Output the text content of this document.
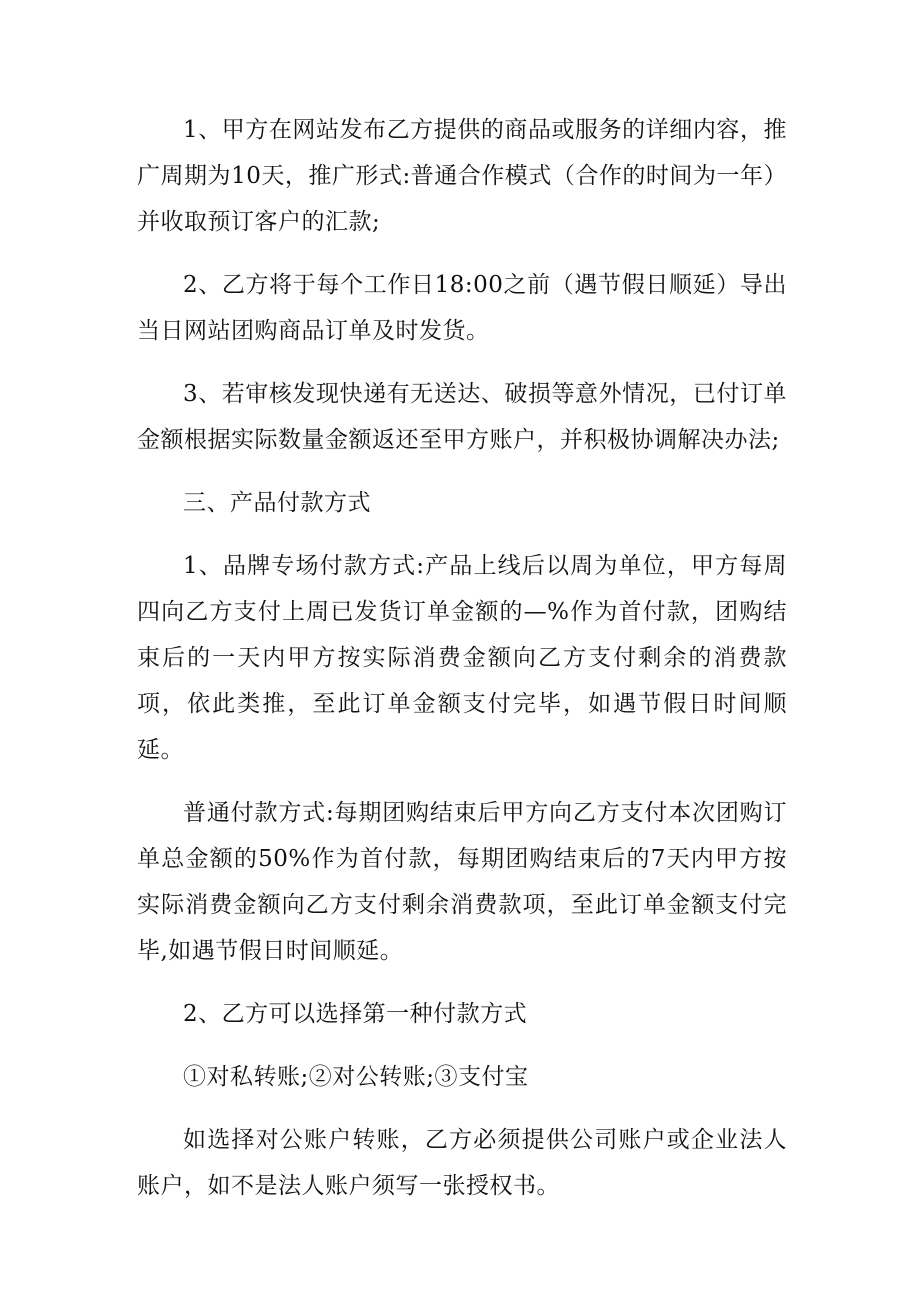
1、甲方在网站发布乙方提供的商品或服务的详细内容，推广周期为10天，推广形式:普通合作模式（合作的时间为一年）并收取预订客户的汇款;

2、乙方将于每个工作日18:00之前（遇节假日顺延）导出当日网站团购商品订单及时发货。

3、若审核发现快递有无送达、破损等意外情况，已付订单金额根据实际数量金额返还至甲方账户，并积极协调解决办法;

三、产品付款方式

1、品牌专场付款方式:产品上线后以周为单位，甲方每周四向乙方支付上周已发货订单金额的—%作为首付款，团购结束后的一天内甲方按实际消费金额向乙方支付剩余的消费款项，依此类推，至此订单金额支付完毕，如遇节假日时间顺延。

普通付款方式:每期团购结束后甲方向乙方支付本次团购订单总金额的50%作为首付款，每期团购结束后的7天内甲方按实际消费金额向乙方支付剩余消费款项，至此订单金额支付完毕,如遇节假日时间顺延。

2、乙方可以选择第一种付款方式

①对私转账;②对公转账;③支付宝

如选择对公账户转账，乙方必须提供公司账户或企业法人账户，如不是法人账户须写一张授权书。
